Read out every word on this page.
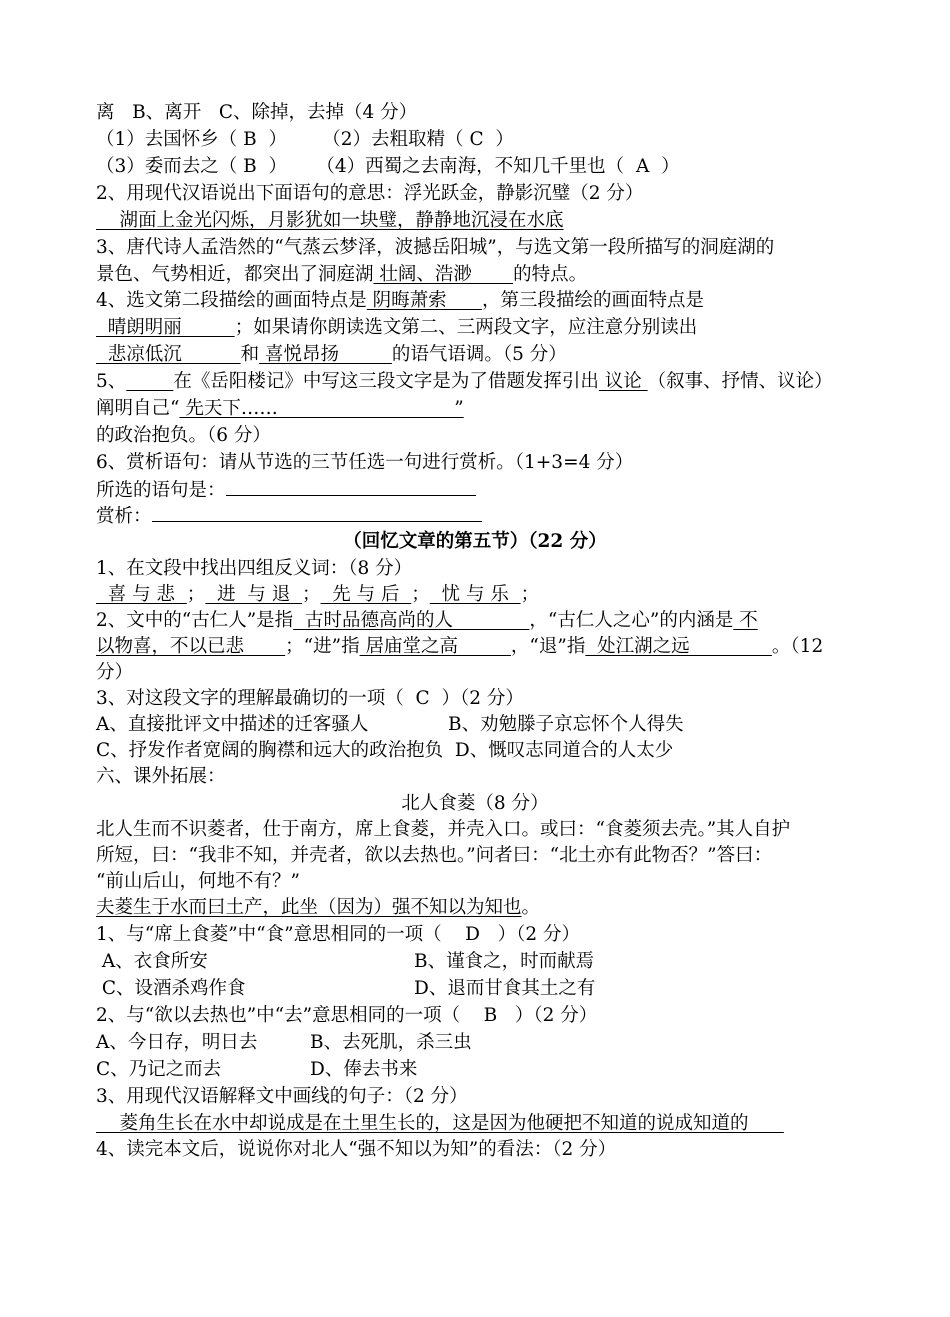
离   B、离开   C、除掉，去掉（4 分）
（1）去国怀乡（ B  ）      （2）去粗取精（ C  ）
（3）委而去之（ B  ）     （4）西蜀之去南海，不知几千里也（  A  ）
2、用现代汉语说出下面语句的意思：浮光跃金，静影沉璧（2 分）
湖面上金光闪烁，月影犹如一块璧，静静地沉浸在水底
3、唐代诗人孟浩然的“气蒸云梦泽，波撼岳阳城”，与选文第一段所描写的洞庭湖的
景色、气势相近，都突出了洞庭湖 壮阔、浩渺       的特点。
4、选文第二段描绘的画面特点是 阴晦萧索      ，第三段描绘的画面特点是
晴朗明丽         ；如果请你朗读选文第二、三两段文字，应注意分别读出
悲凉低沉          和 喜悦昂扬         的语气语调。（5 分）
5、	在《岳阳楼记》中写这三段文字是为了借题发挥引出 议论 （叙事、抒情、议论）
阐明自己“ 先天下……                              ”
的政治抱负。（6 分）
6、赏析语句：请从节选的三节任选一句进行赏析。（1+3=4 分）
所选的语句是：
赏析：
（回忆文章的第五节）（22 分）
1、在文段中找出四组反义词：（8 分）
喜 与 悲  ；  进  与 退  ；  先 与 后  ；  忧 与 乐  ；
2、文中的“古仁人”是指  古时品德高尚的人             ，“古仁人之心”的内涵是 不
以物喜，不以已悲       ；“进”指 居庙堂之高         ，“退”指  处江湖之远              。（12
分）
3、对这段文字的理解最确切的一项（  C  ）（2 分）
A、直接批评文中描述的迁客骚人	B、劝勉滕子京忘怀个人得失
C、抒发作者宽阔的胸襟和远大的政治抱负  D、慨叹志同道合的人太少
六、课外拓展：
北人食菱（8 分）
北人生而不识菱者，仕于南方，席上食菱，并壳入口。或曰：“食菱须去壳。”其人自护
所短，曰：“我非不知，并壳者，欲以去热也。”问者曰：“北土亦有此物否？”答曰：
“前山后山，何地不有？”
夫菱生于水而曰土产，此坐（因为）强不知以为知也。
1、与“席上食菱”中“食”意思相同的一项（    D   ）（2 分）
A、衣食所安	B、谨食之，时而献焉
C、设酒杀鸡作食	D、退而甘食其土之有
2、与“欲以去热也”中“去”意思相同的一项（    B   ）（2 分）
A、今日存，明日去	B、去死肌，杀三虫
C、乃记之而去	D、俸去书来
3、用现代汉语解释文中画线的句子：（2 分）
菱角生长在水中却说成是在土里生长的，这是因为他硬把不知道的说成知道的
4、读完本文后，说说你对北人“强不知以为知”的看法：（2 分）
